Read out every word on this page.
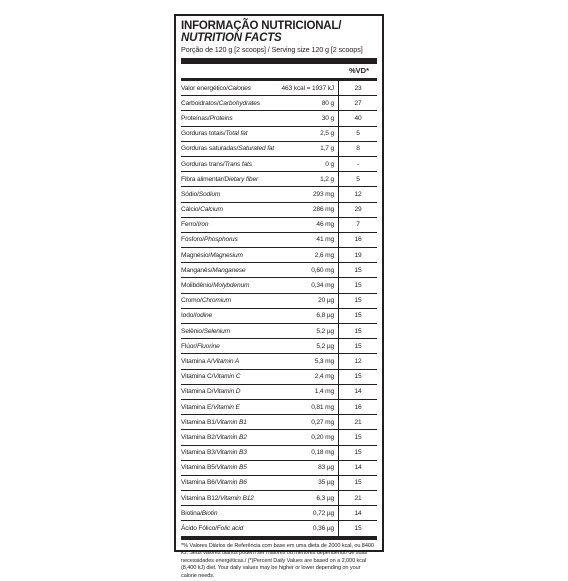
INFORMAÇÃO NUTRICIONAL/
NUTRITION FACTS
Porção de 120 g [2 scoops] / Serving size 120 g [2 scoops]
%VD*
Valor energético/Calories	463 kcal = 1937 kJ	23
Carboidratos/Carbohydrates	80 g	27
Proteínas/Proteins	30 g	40
Gorduras totais/Total fat	2,5 g	5
Gorduras saturadas/Saturated fat	1,7 g	8
Gorduras trans/Trans fats	0 g	-
Fibra alimentar/Dietary fiber	1,2 g	5
Sódio/Sodium	293 mg	12
Cálcio/Calcium	286 mg	29
Ferro/Iron	46 mg	7
Fósforo/Phosphorus	41 mg	16
Magnésio/Magnesium	2,6 mg	19
Manganês/Manganese	0,60 mg	15
Molibdênio/Molybdenum	0,34 mg	15
Cromo/Chromium	20 µg	15
Iodo/Iodine	6,8 µg	15
Selênio/Selenium	5,2 µg	15
Flúor/Fluorine	5,2 µg	15
Vitamina A/Vitamin A	5,3 mg	12
Vitamina C/Vitamin C	2,4 mg	15
Vitamina D/Vitamin D	1,4 mg	14
Vitamina E/Vitamin E	0,81 mg	16
Vitamina B1/Vitamin B1	0,27 mg	21
Vitamina B2/Vitamin B2	0,20 mg	15
Vitamina B3/Vitamin B3	0,18 mg	15
Vitamina B5/Vitamin B5	83 µg	14
Vitamina B6/Vitamin B6	35 µg	15
Vitamina B12/Vitamin B12	6,3 µg	21
Biotina/Biotin	0,72 µg	14
Ácido Fólico/Folic acid	0,36 µg	15
*% Valores Diários de Referência com base em uma dieta de 2000 kcal, ou 8400 kJ. Seus valores diários podem ser maiores ou menores dependendo de suas necessidades energéticas./ (*)Percent Daily Values are based on a 2,000 kcal (8,400 kJ) diet. Your daily values may be higher or lower depending on your calorie needs.
